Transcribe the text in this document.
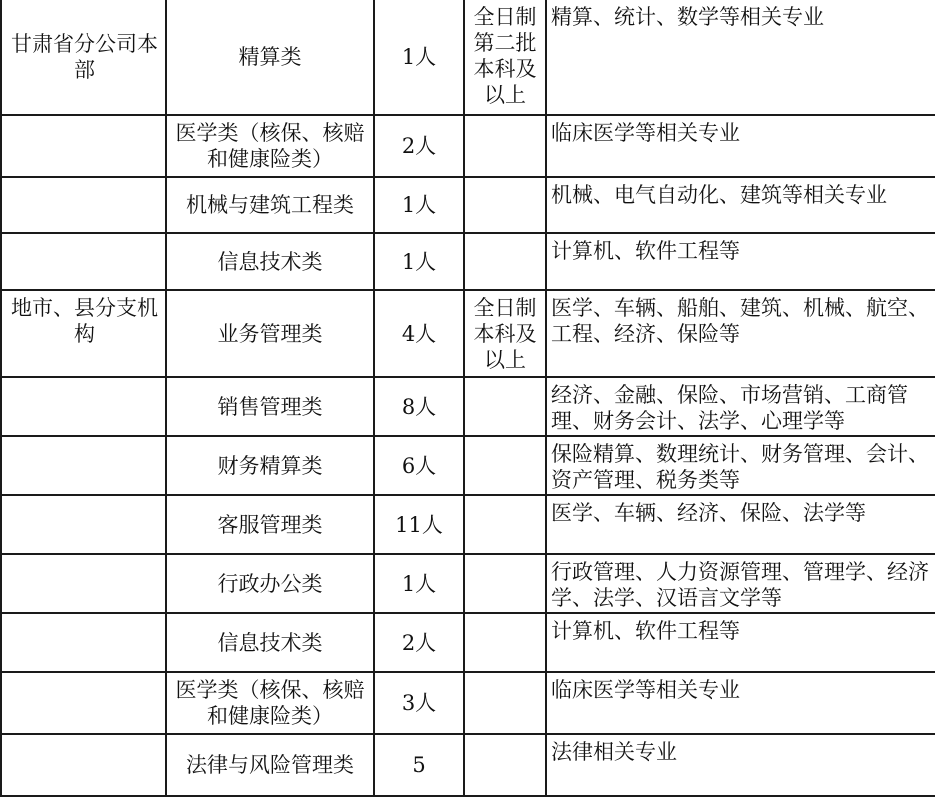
甘肃省分公司本部	精算类	1人	全日制第二批本科及以上	精算、统计、数学等相关专业
	医学类（核保、核赔和健康险类）	2人		临床医学等相关专业
	机械与建筑工程类	1人		机械、电气自动化、建筑等相关专业
	信息技术类	1人		计算机、软件工程等
地市、县分支机构	业务管理类	4人	全日制本科及以上	医学、车辆、船舶、建筑、机械、航空、工程、经济、保险等
	销售管理类	8人		经济、金融、保险、市场营销、工商管理、财务会计、法学、心理学等
	财务精算类	6人		保险精算、数理统计、财务管理、会计、资产管理、税务类等
	客服管理类	11人		医学、车辆、经济、保险、法学等
	行政办公类	1人		行政管理、人力资源管理、管理学、经济学、法学、汉语言文学等
	信息技术类	2人		计算机、软件工程等
	医学类（核保、核赔和健康险类）	3人		临床医学等相关专业
	法律与风险管理类	5		法律相关专业
